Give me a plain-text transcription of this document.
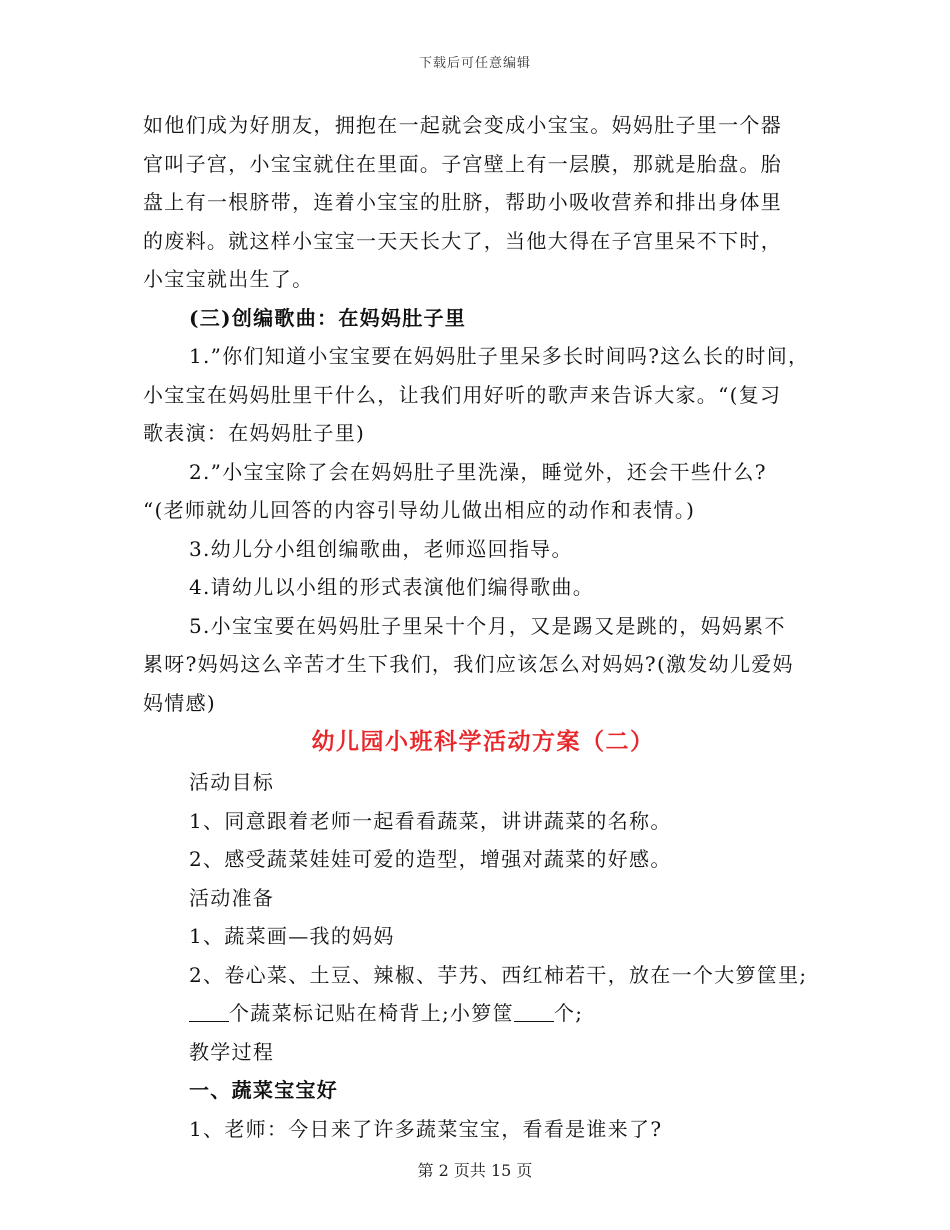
下载后可任意编辑
如他们成为好朋友，拥抱在一起就会变成小宝宝。妈妈肚子里一个器
官叫子宫，小宝宝就住在里面。子宫壁上有一层膜，那就是胎盘。胎
盘上有一根脐带，连着小宝宝的肚脐，帮助小吸收营养和排出身体里
的废料。就这样小宝宝一天天长大了，当他大得在子宫里呆不下时，
小宝宝就出生了。
(三)创编歌曲：在妈妈肚子里
1.”你们知道小宝宝要在妈妈肚子里呆多长时间吗?这么长的时间，
小宝宝在妈妈肚里干什么，让我们用好听的歌声来告诉大家。“(复习
歌表演：在妈妈肚子里)
2.”小宝宝除了会在妈妈肚子里洗澡，睡觉外，还会干些什么?
“(老师就幼儿回答的内容引导幼儿做出相应的动作和表情。)
3.幼儿分小组创编歌曲，老师巡回指导。
4.请幼儿以小组的形式表演他们编得歌曲。
5.小宝宝要在妈妈肚子里呆十个月，又是踢又是跳的，妈妈累不
累呀?妈妈这么辛苦才生下我们，我们应该怎么对妈妈?(激发幼儿爱妈
妈情感)
幼儿园小班科学活动方案（二）
活动目标
1、同意跟着老师一起看看蔬菜，讲讲蔬菜的名称。
2、感受蔬菜娃娃可爱的造型，增强对蔬菜的好感。
活动准备
1、蔬菜画—我的妈妈
2、卷心菜、土豆、辣椒、芋艿、西红柿若干，放在一个大箩筐里;
个蔬菜标记贴在椅背上;小箩筐 个;
教学过程
一、蔬菜宝宝好
1、老师：今日来了许多蔬菜宝宝，看看是谁来了?
第 2 页共 15 页
